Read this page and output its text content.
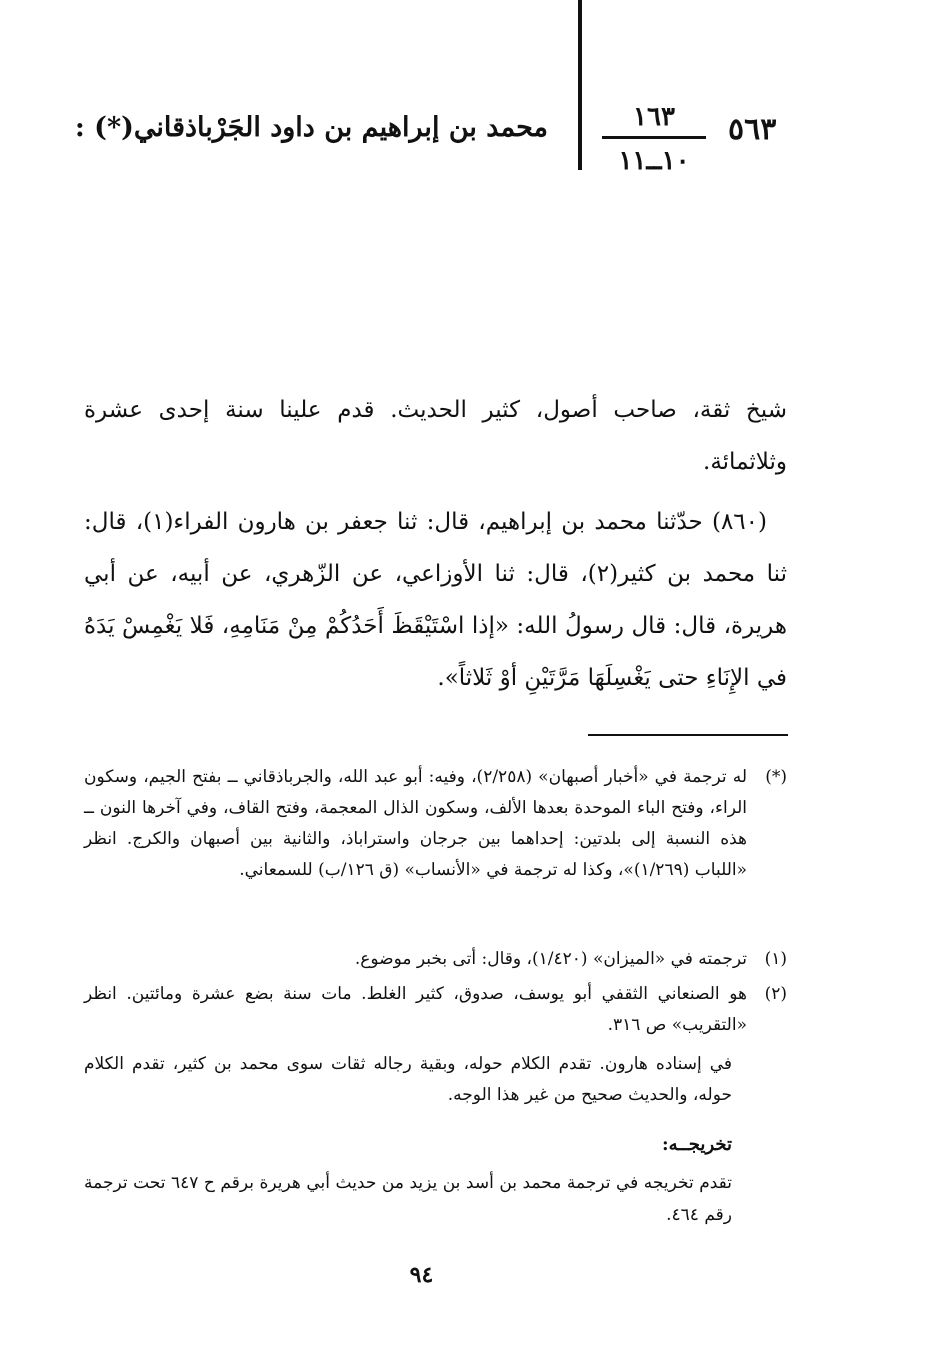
٥٦٣
١٦٣
١٠ــ١١
محمد بن إبراهيم بن داود الجَرْباذقاني(*) :

شيخ ثقة، صاحب أصول، كثير الحديث. قدم علينا سنة إحدى عشرة وثلاثمائة.

(٨٦٠) حدّثنا محمد بن إبراهيم، قال: ثنا جعفر بن هارون الفراء(١)، قال: ثنا محمد بن كثير(٢)، قال: ثنا الأوزاعي، عن الزّهري، عن أبيه، عن أبي هريرة، قال: قال رسولُ الله: «إذا اسْتَيْقَظَ أَحَدُكُمْ مِنْ مَنَامِهِ، فَلا يَغْمِسْ يَدَهُ في الإِنَاءِ حتى يَغْسِلَهَا مَرَّتَيْنِ أوْ ثَلاثاً».

(*)
له ترجمة في «أخبار أصبهان» (٢/٢٥٨)، وفيه: أبو عبد الله، والجرباذقاني ــ بفتح الجيم، وسكون الراء، وفتح الباء الموحدة بعدها الألف، وسكون الذال المعجمة، وفتح القاف، وفي آخرها النون ــ هذه النسبة إلى بلدتين: إحداهما بين جرجان واستراباذ، والثانية بين أصبهان والكرج. انظر «اللباب (١/٢٦٩)»، وكذا له ترجمة في «الأنساب» (ق ١٢٦/ب) للسمعاني.
(١)
ترجمته في «الميزان» (١/٤٢٠)، وقال: أتى بخبر موضوع.
(٢)
هو الصنعاني الثقفي أبو يوسف، صدوق، كثير الغلط. مات سنة بضع عشرة ومائتين. انظر «التقريب» ص ٣١٦.
في إسناده هارون. تقدم الكلام حوله، وبقية رجاله ثقات سوى محمد بن كثير، تقدم الكلام حوله، والحديث صحيح من غير هذا الوجه.
تخريجــه:
تقدم تخريجه في ترجمة محمد بن أسد بن يزيد من حديث أبي هريرة برقم ح ٦٤٧ تحت ترجمة رقم ٤٦٤.
٩٤
